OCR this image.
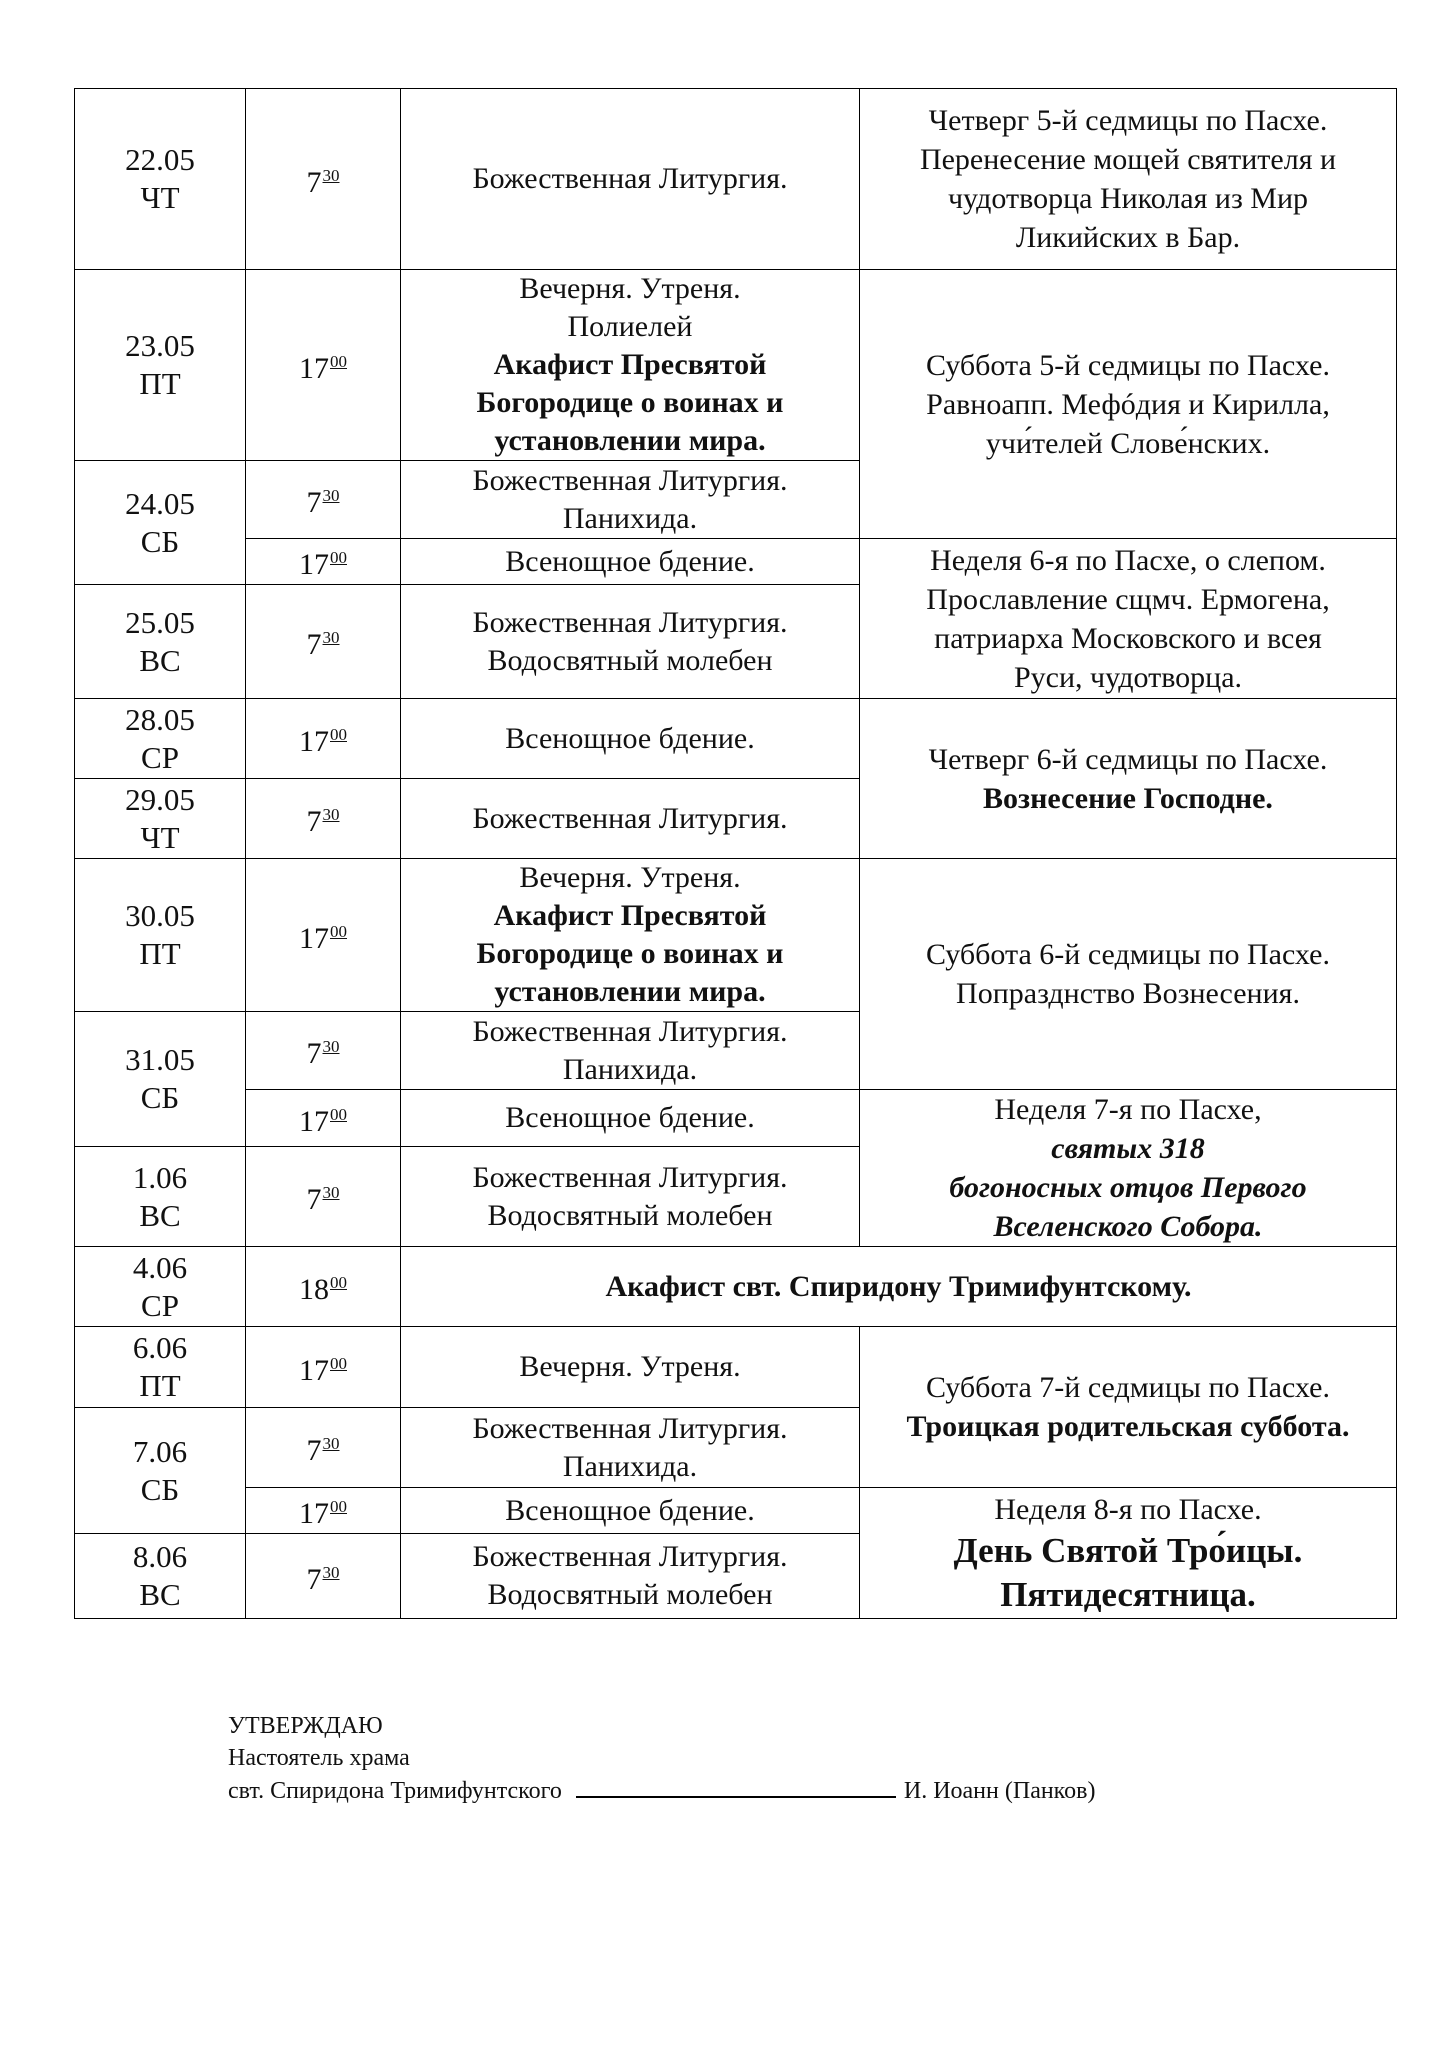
22.05
ЧТ	$7^{30}$	Божественная Литургия.	Четверг 5-й седмицы по Пасхе.
Перенесение мощей святителя и
чудотворца Николая из Мир
Ликийских в Бар.

23.05
ПТ	$17^{00}$	Вечерня. Утреня.
Полиелей
Акафист Пресвятой
Богородице о воинах и
установлении мира.	Суббота 5-й седмицы по Пасхе.
Равноапп. Мефóдия и Кирилла,
учи́телей Слове́нских.

24.05
СБ	$7^{30}$	Божественная Литургия.
Панихида.	

	$17^{00}$	Всенощное бдение.	Неделя 6-я по Пасхе, о слепом.
Прославление сщмч. Ермогена,
патриарха Московского и всея
Руси, чудотворца.

25.05
ВС	$7^{30}$	Божественная Литургия.
Водосвятный молебен	

28.05
СР	$17^{00}$	Всенощное бдение.	Четверг 6-й седмицы по Пасхе.
Вознесение Господне.

29.05
ЧТ	$7^{30}$	Божественная Литургия.	

30.05
ПТ	$17^{00}$	Вечерня. Утреня.
Акафист Пресвятой
Богородице о воинах и
установлении мира.	Суббота 6-й седмицы по Пасхе.
Попразднство Вознесения.

31.05
СБ	$7^{30}$	Божественная Литургия.
Панихида.	

	$17^{00}$	Всенощное бдение.	Неделя 7-я по Пасхе,
святых 318
богоносных отцов Первого
Вселенского Собора.

1.06
ВС	$7^{30}$	Божественная Литургия.
Водосвятный молебен	

4.06
СР	$18^{00}$	Акафист свт. Спиридону Тримифунтскому.	

6.06
ПТ	$17^{00}$	Вечерня. Утреня.	Суббота 7-й седмицы по Пасхе.
Троицкая родительская суббота.

7.06
СБ	$7^{30}$	Божественная Литургия.
Панихида.	

	$17^{00}$	Всенощное бдение.	Неделя 8-я по Пасхе.
День Святой Тро́ицы.
Пятидесятница.

8.06
ВС	$7^{30}$	Божественная Литургия.
Водосвятный молебен	
УТВЕРЖДАЮ
Настоятель храма
свт. Спиридона Тримифунтского	И. Иоанн (Панков)
